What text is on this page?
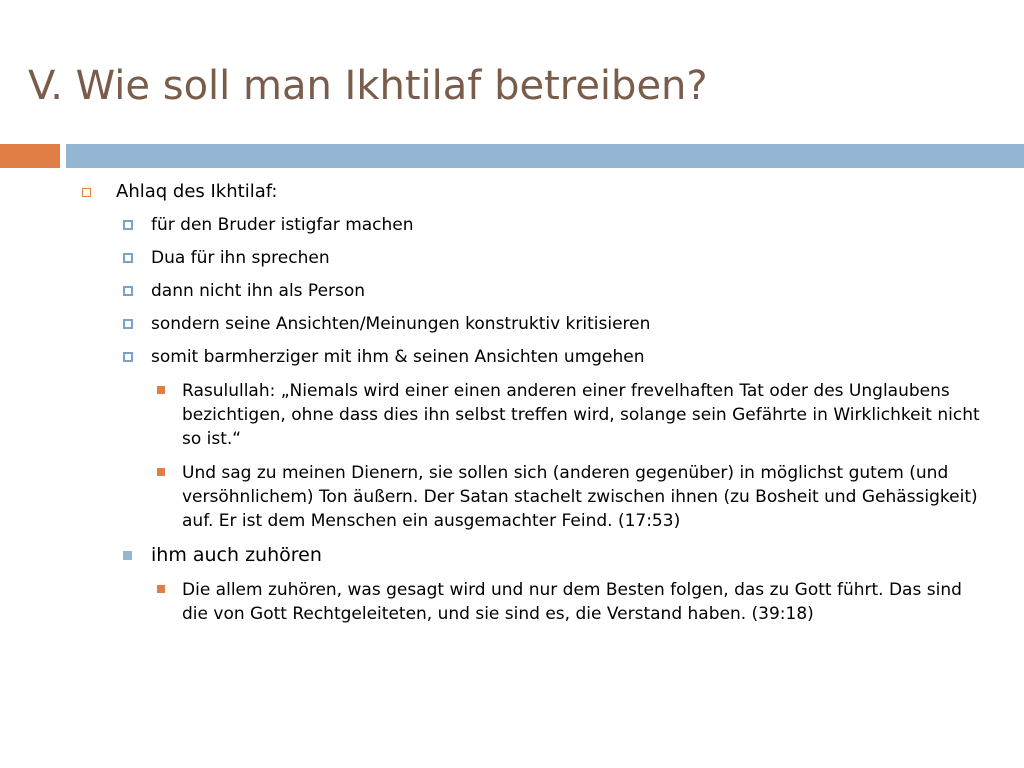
V. Wie soll man Ikhtilaf betreiben?
Ahlaq des Ikhtilaf:
für den Bruder istigfar machen
Dua für ihn sprechen
dann nicht ihn als Person
sondern seine Ansichten/Meinungen konstruktiv kritisieren
somit barmherziger mit ihm & seinen Ansichten umgehen
Rasulullah: „Niemals wird einer einen anderen einer frevelhaften Tat oder des Unglaubens bezichtigen, ohne dass dies ihn selbst treffen wird, solange sein Gefährte in Wirklichkeit nicht so ist.“
Und sag zu meinen Dienern, sie sollen sich (anderen gegenüber) in möglichst gutem (und versöhnlichem) Ton äußern. Der Satan stachelt zwischen ihnen (zu Bosheit und Gehässigkeit) auf. Er ist dem Menschen ein ausgemachter Feind. (17:53)
ihm auch zuhören
Die allem zuhören, was gesagt wird und nur dem Besten folgen, das zu Gott führt. Das sind die von Gott Rechtgeleiteten, und sie sind es, die Verstand haben. (39:18)
